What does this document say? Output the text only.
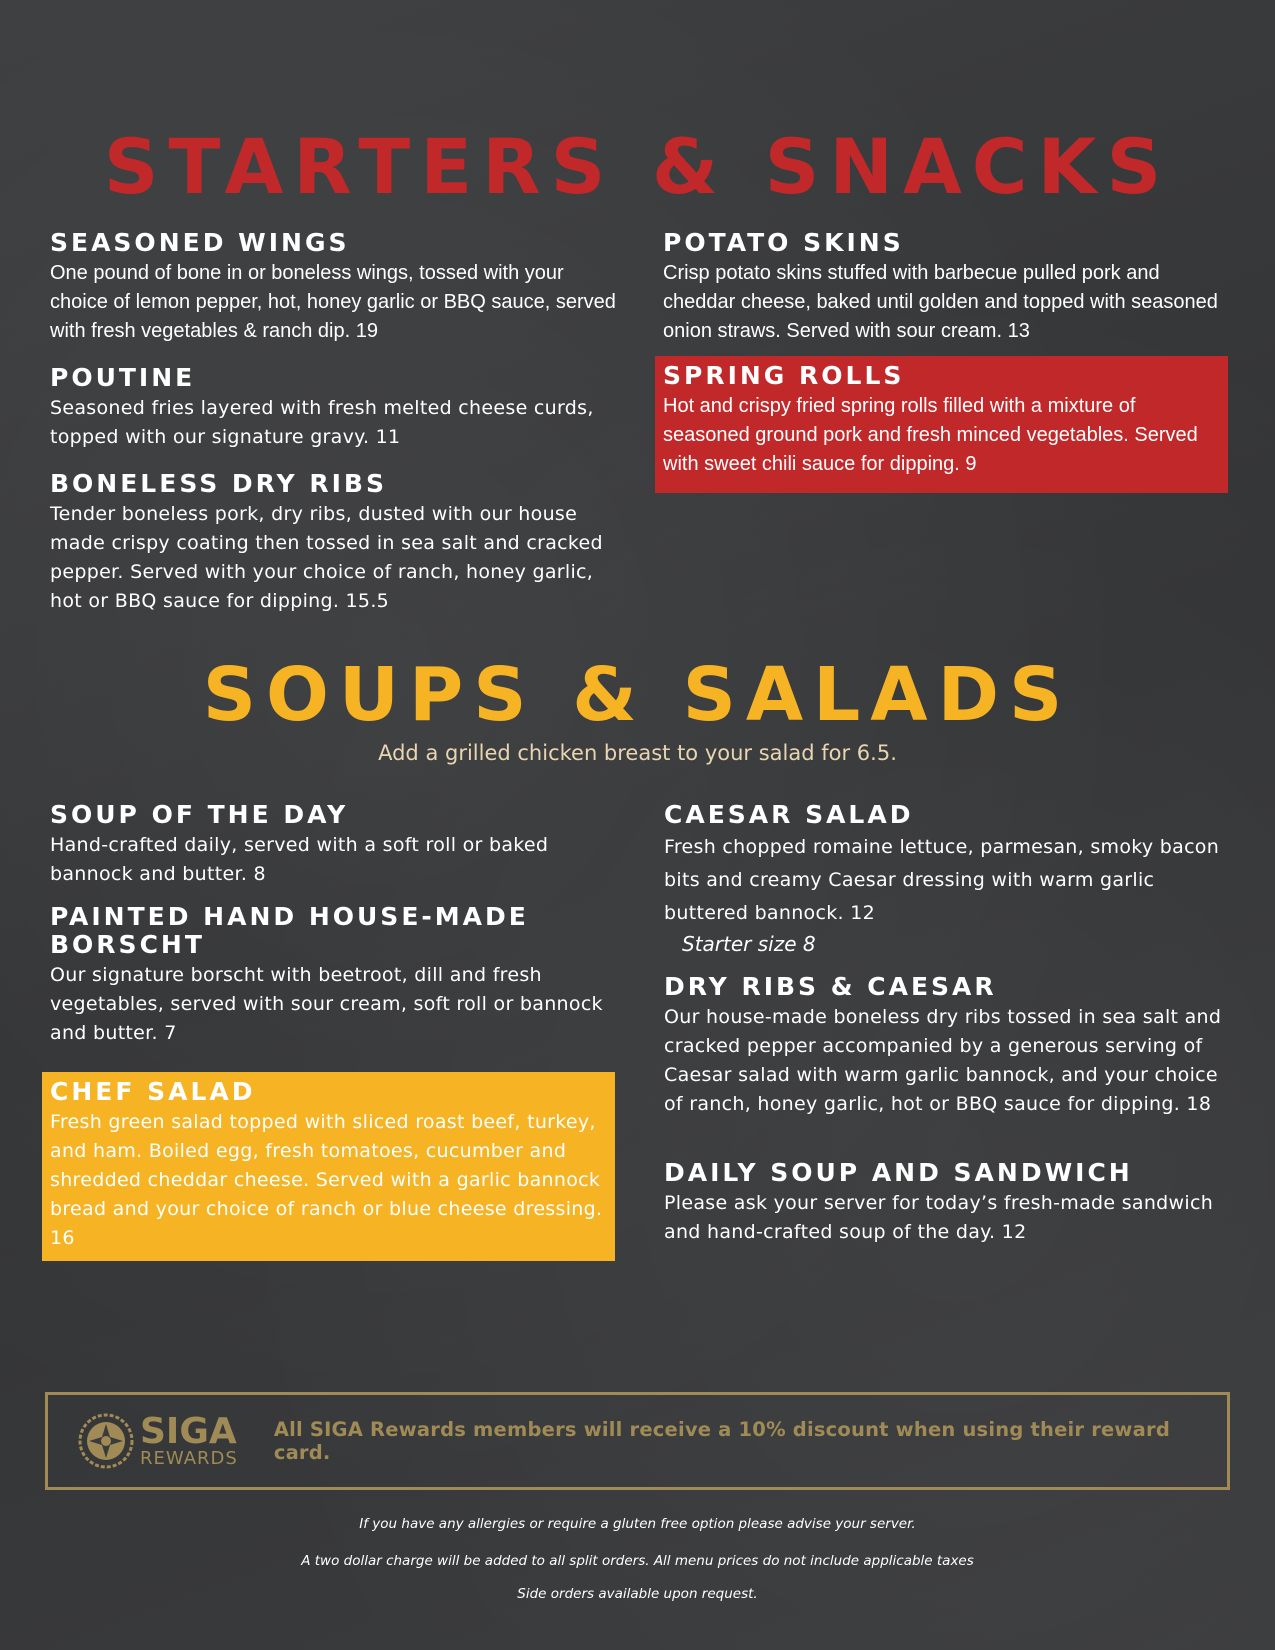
STARTERS & SNACKS
SEASONED WINGS

One pound of bone in or boneless wings, tossed with your choice of lemon pepper, hot, honey garlic or BBQ sauce, served with fresh vegetables & ranch dip. 19

POUTINE

Seasoned fries layered with fresh melted cheese curds, topped with our signature gravy. 11

BONELESS DRY RIBS

Tender boneless pork, dry ribs, dusted with our house made crispy coating then tossed in sea salt and cracked pepper. Served with your choice of ranch, honey garlic, hot or BBQ sauce for dipping. 15.5

POTATO SKINS

Crisp potato skins stuffed with barbecue pulled pork and cheddar cheese, baked until golden and topped with seasoned onion straws. Served with sour cream. 13

SPRING ROLLS

Hot and crispy fried spring rolls filled with a mixture of seasoned ground pork and fresh minced vegetables. Served with sweet chili sauce for dipping. 9

SOUPS & SALADS
Add a grilled chicken breast to your salad for 6.5.
SOUP OF THE DAY

Hand-crafted daily, served with a soft roll or baked bannock and butter. 8

PAINTED HAND HOUSE-MADE BORSCHT

Our signature borscht with beetroot, dill and fresh vegetables, served with sour cream, soft roll or bannock and butter. 7

CHEF SALAD

Fresh green salad topped with sliced roast beef, turkey, and ham. Boiled egg, fresh tomatoes, cucumber and shredded cheddar cheese. Served with a garlic bannock bread and your choice of ranch or blue cheese dressing. 16

CAESAR SALAD

Fresh chopped romaine lettuce, parmesan, smoky bacon bits and creamy Caesar dressing with warm garlic buttered bannock. 12

Starter size 8

DRY RIBS & CAESAR

Our house-made boneless dry ribs tossed in sea salt and cracked pepper accompanied by a generous serving of Caesar salad with warm garlic bannock, and your choice of ranch, honey garlic, hot or BBQ sauce for dipping. 18

DAILY SOUP AND SANDWICH

Please ask your server for today’s fresh-made sandwich and hand-crafted soup of the day. 12

SIGA
REWARDS
All SIGA Rewards members will receive a 10% discount when using their reward card.
If you have any allergies or require a gluten free option please advise your server.
A two dollar charge will be added to all split orders. All menu prices do not include applicable taxes
Side orders available upon request.
